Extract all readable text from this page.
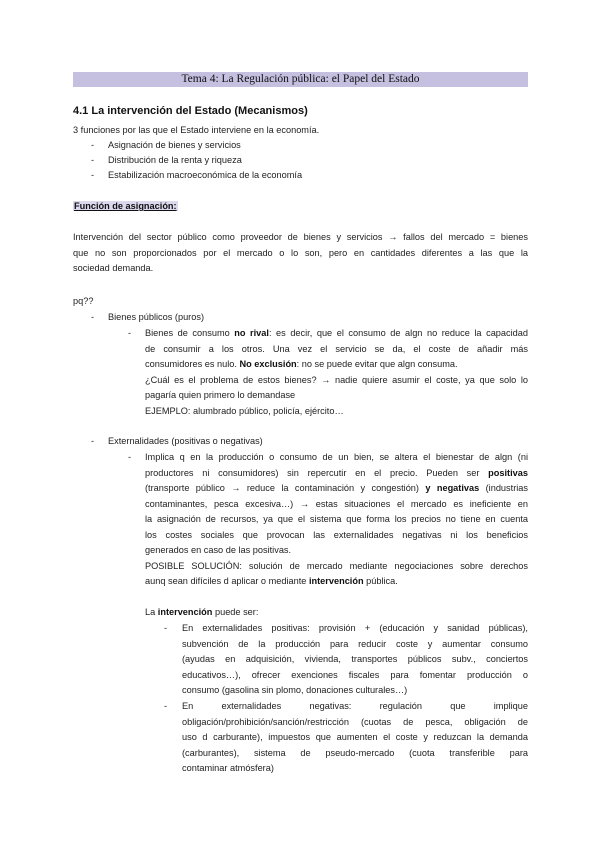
Tema 4: La Regulación pública: el Papel del Estado
4.1 La intervención del Estado (Mecanismos)
3 funciones por las que el Estado interviene en la economía.
- Asignación de bienes y servicios
- Distribución de la renta y riqueza
- Estabilización macroeconómica de la economía
Función de asignación:
Intervención del sector público como proveedor de bienes y servicios → fallos del mercado = bienes
que no son proporcionados por el mercado o lo son, pero en cantidades diferentes a las que la
sociedad demanda.
pq??
- Bienes públicos (puros)
- Bienes de consumo no rival: es decir, que el consumo de algn no reduce la capacidad
de consumir a los otros. Una vez el servicio se da, el coste de añadir más
consumidores es nulo. No exclusión: no se puede evitar que algn consuma.
¿Cuál es el problema de estos bienes? → nadie quiere asumir el coste, ya que solo lo
pagaría quien primero lo demandase
EJEMPLO: alumbrado público, policía, ejército…
- Externalidades (positivas o negativas)
- Implica q en la producción o consumo de un bien, se altera el bienestar de algn (ni
productores ni consumidores) sin repercutir en el precio. Pueden ser positivas
(transporte público → reduce la contaminación y congestión) y negativas (industrias
contaminantes, pesca excesiva…) → estas situaciones el mercado es ineficiente en
la asignación de recursos, ya que el sistema que forma los precios no tiene en cuenta
los costes sociales que provocan las externalidades negativas ni los beneficios
generados en caso de las positivas.
POSIBLE SOLUCIÓN: solución de mercado mediante negociaciones sobre derechos
aunq sean difíciles d aplicar o mediante intervención pública.
La intervención puede ser:
- En externalidades positivas: provisión + (educación y sanidad públicas),
subvención de la producción para reducir coste y aumentar consumo
(ayudas en adquisición, vivienda, transportes públicos subv., conciertos
educativos…), ofrecer exenciones fiscales para fomentar producción o
consumo (gasolina sin plomo, donaciones culturales…)
- En externalidades negativas: regulación que implique
obligación/prohibición/sanción/restricción (cuotas de pesca, obligación de
uso d carburante), impuestos que aumenten el coste y reduzcan la demanda
(carburantes), sistema de pseudo-mercado (cuota transferible para
contaminar atmósfera)
